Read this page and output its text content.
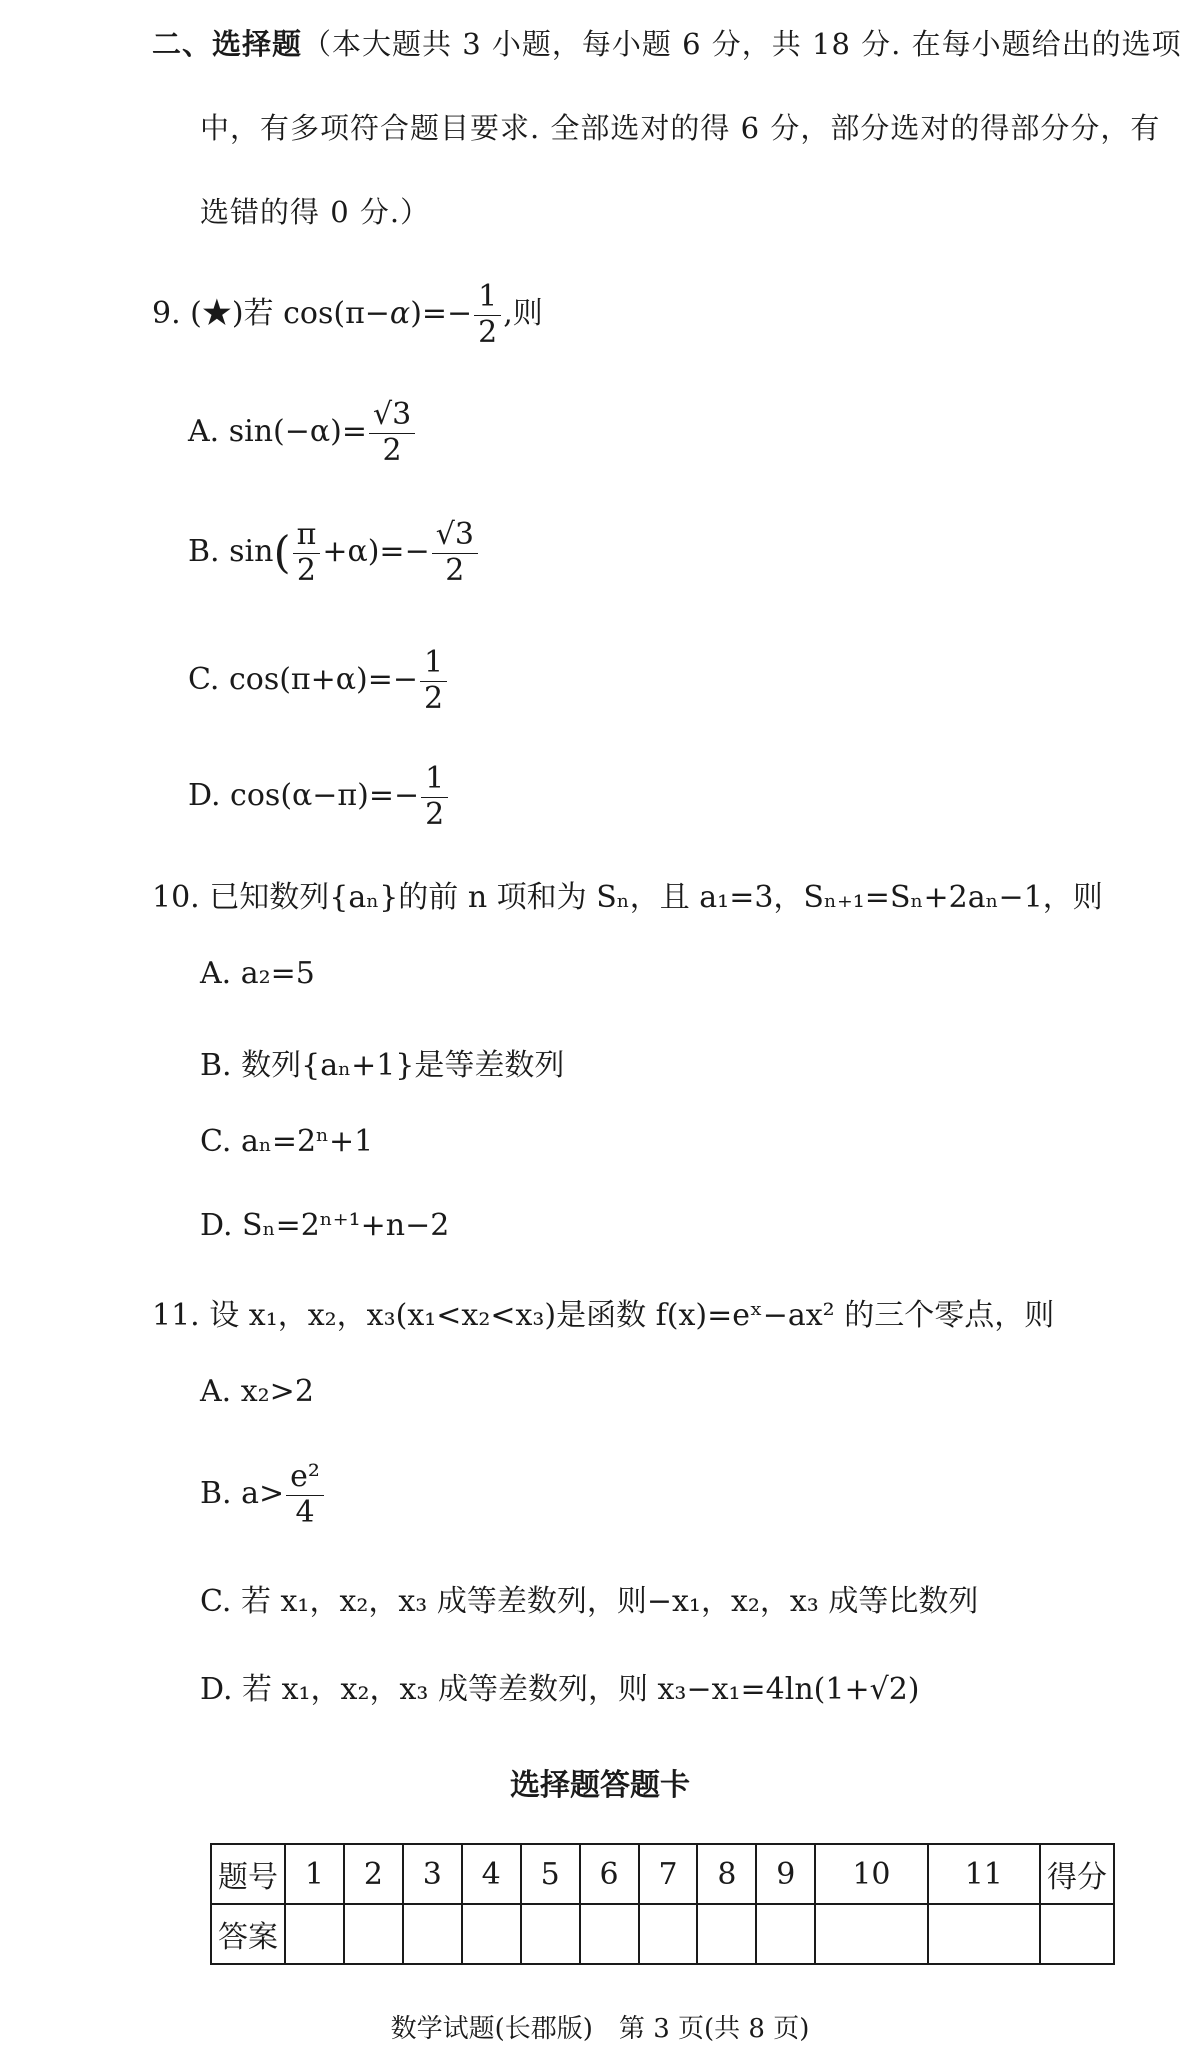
二、选择题（本大题共 3 小题，每小题 6 分，共 18 分. 在每小题给出的选项
中，有多项符合题目要求. 全部选对的得 6 分，部分选对的得部分分，有
选错的得 0 分.）
9. (★)若 $\cos(\pi-\alpha)=- \frac{1}{2}$ ,则
A. $\sin(-\alpha)= \frac{√3}{2}$
B. $\sin( \frac{\pi}{2} +\alpha)=- \frac{√3}{2}$
C. $\cos(\pi+\alpha)=- \frac{1}{2}$
D. $\cos(\alpha-\pi)=- \frac{1}{2}$
10. 已知数列{aₙ}的前 n 项和为 Sₙ，且 a₁=3，Sₙ₊₁=Sₙ+2aₙ−1，则
A. a₂=5
B. 数列{aₙ+1}是等差数列
C. aₙ=2ⁿ+1
D. Sₙ=2ⁿ⁺¹+n−2
11. 设 x₁，x₂，x₃(x₁<x₂<x₃)是函数 f(x)=eˣ−ax² 的三个零点，则
A. x₂>2
B. $a> \frac{\text{e²}}{4}$
C. 若 x₁，x₂，x₃ 成等差数列，则−x₁，x₂，x₃ 成等比数列
D. 若 x₁，x₂，x₃ 成等差数列，则 x₃−x₁=4ln(1+√2)
选择题答题卡
题号	1	2	3	4	5	6	7	8	9	10	11	得分
答案												
数学试题(长郡版)　第 3 页(共 8 页)
